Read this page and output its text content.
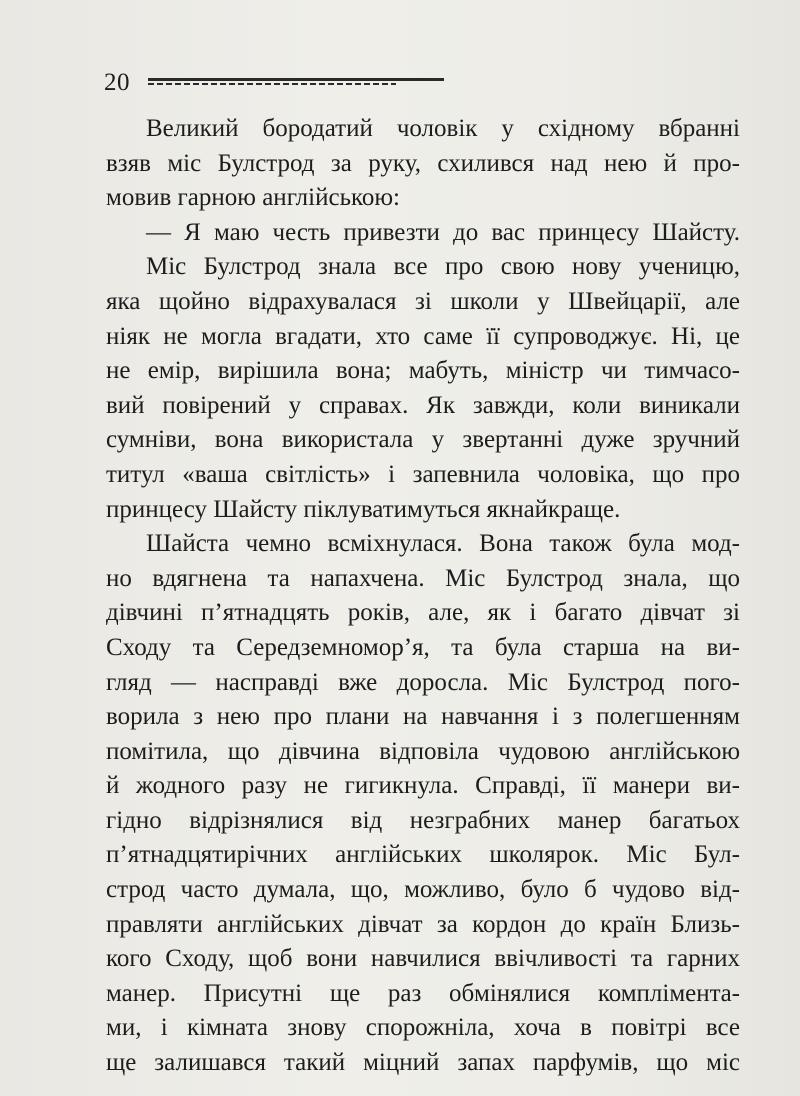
20
Великий бородатий чоловік у східному вбранні
взяв міс Булстрод за руку, схилився над нею й про-
мовив гарною англійською:
— Я маю честь привезти до вас принцесу Шайсту.
Міс Булстрод знала все про свою нову ученицю,
яка щойно відрахувалася зі школи у Швейцарії, але
ніяк не могла вгадати, хто саме її супроводжує. Ні, це
не емір, вирішила вона; мабуть, міністр чи тимчасо-
вий повірений у справах. Як завжди, коли виникали
сумніви, вона використала у звертанні дуже зручний
титул «ваша світлість» і запевнила чоловіка, що про
принцесу Шайсту піклуватимуться якнайкраще.
Шайста чемно всміхнулася. Вона також була мод-
но вдягнена та напахчена. Міс Булстрод знала, що
дівчині п’ятнадцять років, але, як і багато дівчат зі
Сходу та Середземномор’я, та була старша на ви-
гляд — насправді вже доросла. Міс Булстрод пого-
ворила з нею про плани на навчання і з полегшенням
помітила, що дівчина відповіла чудовою англійською
й жодного разу не гигикнула. Справді, її манери ви-
гідно відрізнялися від незграбних манер багатьох
п’ятнадцятирічних англійських школярок. Міс Бул-
строд часто думала, що, можливо, було б чудово від-
правляти англійських дівчат за кордон до країн Близь-
кого Сходу, щоб вони навчилися ввічливості та гарних
манер. Присутні ще раз обмінялися компліментa-
ми, і кімната знову спорожніла, хоча в повітрі все
ще залишався такий міцний запах парфумів, що міс
